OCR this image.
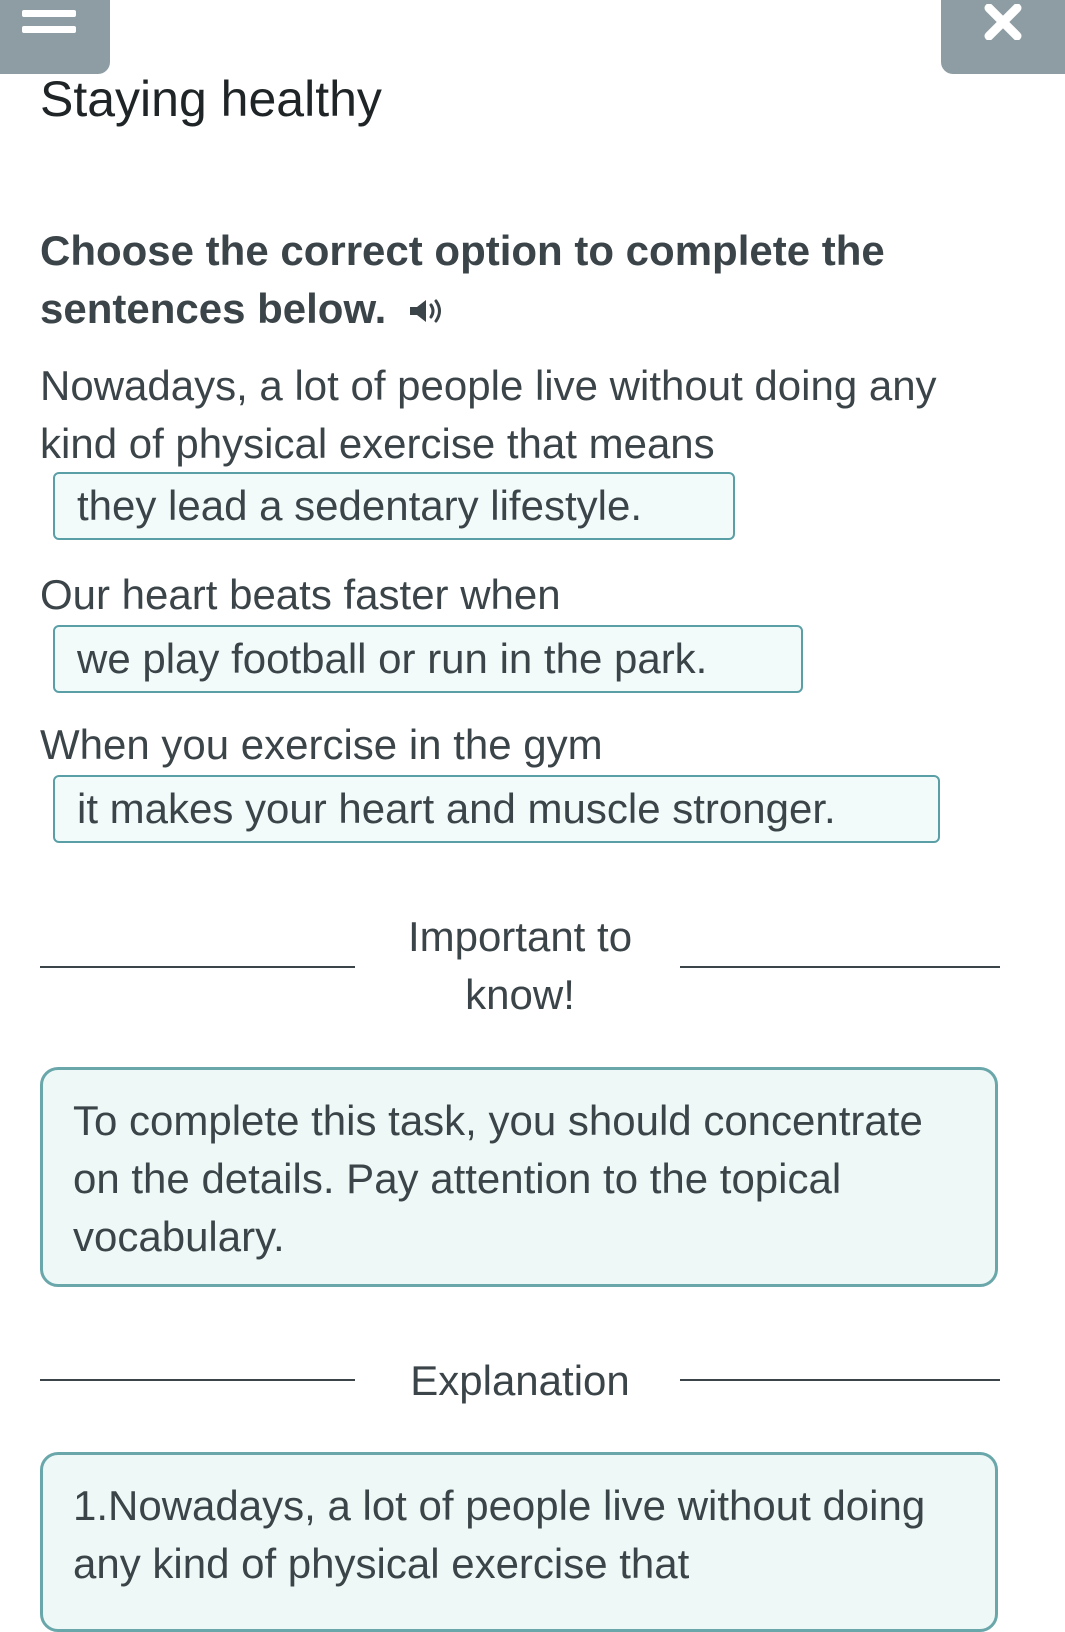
Staying healthy

Choose the correct option to complete the sentences below.

Nowadays, a lot of people live without doing any kind of physical exercise that means

they lead a sedentary lifestyle.

Our heart beats faster when

we play football or run in the park.

When you exercise in the gym

it makes your heart and muscle stronger.
Important to know!
To complete this task, you should concentrate on the details. Pay attention to the topical vocabulary.
Explanation
1.Nowadays, a lot of people live without doing any kind of physical exercise that
